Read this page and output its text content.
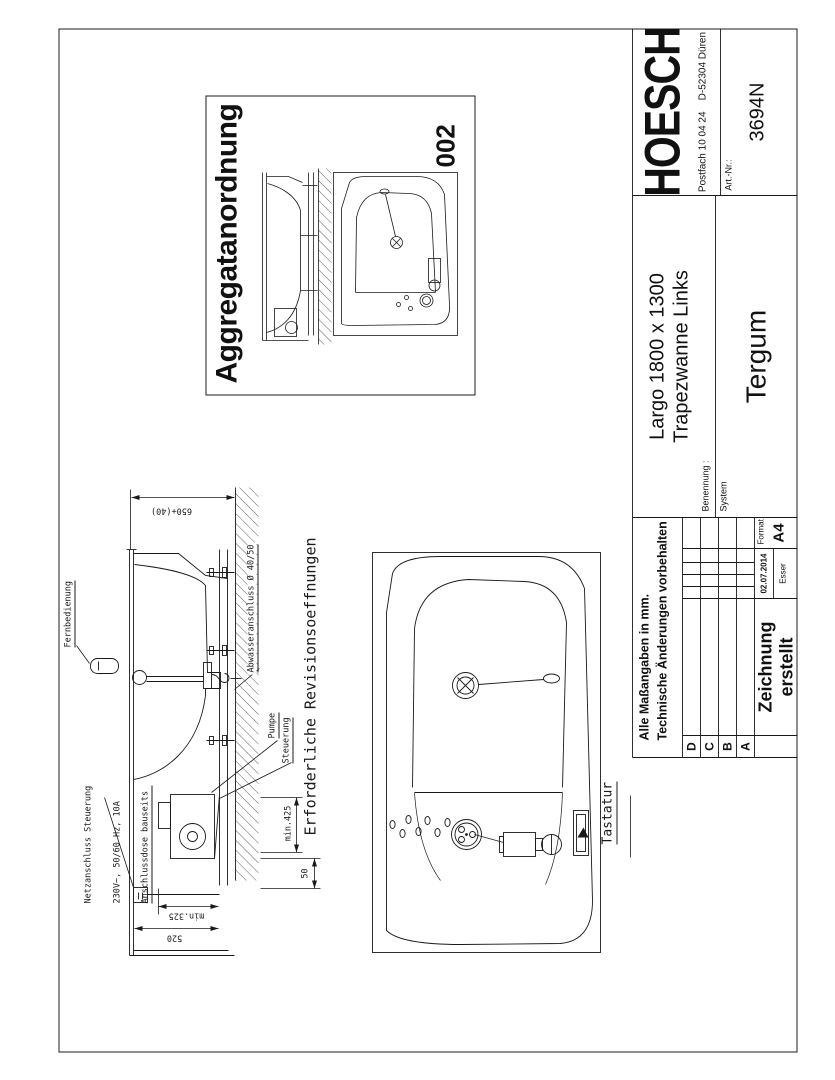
Fernbedienung

Netzanschluss Steuerung

230V~, 50/60 Hz, 10A

Anschlussdose bauseits

Abwasseranschluss Ø 40/50
Pumpe Steuerung Erforderliche Revisionsoeffnungen	Tastatur
650+(40)
520
min.325
min.425
50
Aggregatanordnung	002
Alle Maßangaben in mm. Technische Änderungen vorbehalten
D C B A
Zeichnung erstellt
02.07.2014 Esser
Format A4
Benennung :
Largo 1800 x 1300 Trapezwanne Links
System
Tergum
HOESCH Postfach 10 04 24    D-52304 Düren Art.-Nr.:
3694N
